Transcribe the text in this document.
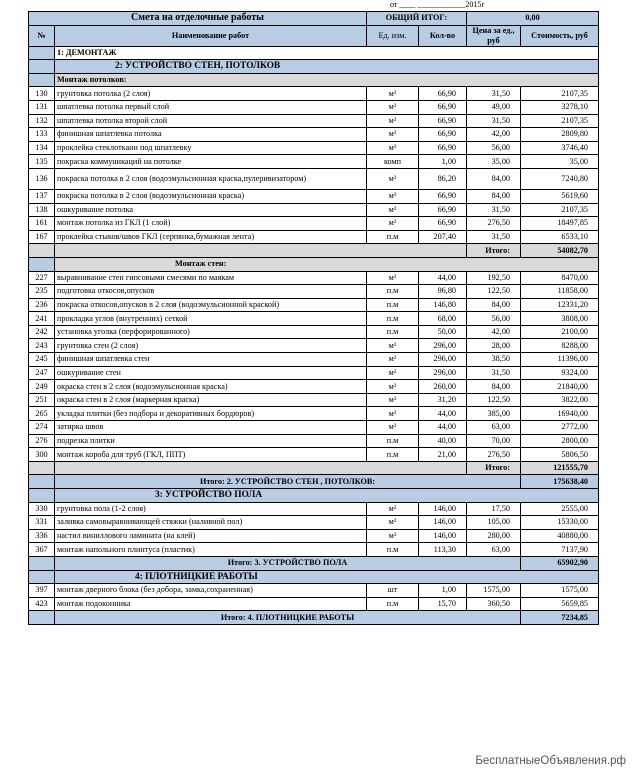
от ____ ____________2015г
Смета на отделочные работы		ОБЩИЙ ИТОГ:		0,00	
№	Наименование работ	Ед. изм.	Кол-во	Цена за ед., руб	Стоимость, руб
	1: ДЕМОНТАЖ				
	2: УСТРОЙСТВО СТЕН, ПОТОЛКОВ				
	Монтаж потолков:				
130	грунтовка потолка (2 слоя)	м²	66,90	31,50	2107,35
131	шпатлевка потолка первый слой	м²	66,90	49,00	3278,10
132	шпатлевка потолка второй слой	м²	66,90	31,50	2107,35
133	финишная шпатлевка потолка	м²	66,90	42,00	2809,80
134	проклейка стеклоткани под шпатлевку	м²	66,90	56,00	3746,40
135	покраска коммуникаций на потолке	комп	1,00	35,00	35,00
136	покраска потолка в 2 слоя (водоэмульсионная краска,пулеривизатором)	м²	86,20	84,00	7240,80
137	покраска потолка в 2 слоя (водоэмульсионная краска)	м²	66,90	84,00	5619,60
138	ошкуривание потолка	м²	66,90	31,50	2107,35
161	монтаж потолка из ГКЛ (1 слой)	м²	66,90	276,50	18497,85
167	проклейка стыков/швов ГКЛ (серпянка,бумажная лента)	п.м	207,40	31,50	6533,10
				Итого:	54082,70
	Монтаж стен:				
227	выравнивание стен гипсовыми смесями по маякам	м²	44,00	192,50	8470,00
235	подготовка откосов,опусков	п.м	96,80	122,50	11858,00
236	покраска откосов,опусков в 2 слоя (водоэмульсионной краской)	п.м	146,80	84,00	12331,20
241	прокладка углов (внутренних) сеткой	п.м	68,00	56,00	3808,00
242	установка уголка (перфорированного)	п.м	50,00	42,00	2100,00
243	грунтовка стен (2 слоя)	м²	296,00	28,00	8288,00
245	финишная шпатлевка стен	м²	296,00	38,50	11396,00
247	ошкуривание стен	м²	296,00	31,50	9324,00
249	окраска стен в 2 слоя (водоэмульсионная краска)	м²	260,00	84,00	21840,00
251	окраска стен в 2 слоя (маркерная краска)	м²	31,20	122,50	3822,00
265	укладка плитки (без подбора и декоративных бордюров)	м²	44,00	385,00	16940,00
274	затирка швов	м²	44,00	63,00	2772,00
276	подрезка плитки	п.м	40,00	70,00	2800,00
300	монтаж короба для труб (ГКЛ, ППТ)	п.м	21,00	276,50	5806,50
				Итого:	121555,70
	Итого: 2. УСТРОЙСТВО СТЕН , ПОТОЛКОВ:				175638,40
	3: УСТРОЙСТВО ПОЛА				
330	грунтовка пола (1-2 слоя)	м²	146,00	17,50	2555,00
331	заливка самовыравнивающей стяжки (наливной пол)	м²	146,00	105,00	15330,00
336	настил виниллового ламината (на клей)	м²	146,00	280,00	40880,00
367	монтаж напольного плинтуса (пластик)	п.м	113,30	63,00	7137,90
	Итого: 3. УСТРОЙСТВО ПОЛА				65902,90
	4: ПЛОТНИЦКИЕ РАБОТЫ				
397	монтаж дверного блока (без добора, замка,сохраненная)	шт	1,00	1575,00	1575,00
423	монтаж подоконника	п.м	15,70	360,50	5659,85
	Итого: 4. ПЛОТНИЦКИЕ РАБОТЫ				7234,85
БесплатныеОбъявления.рф
